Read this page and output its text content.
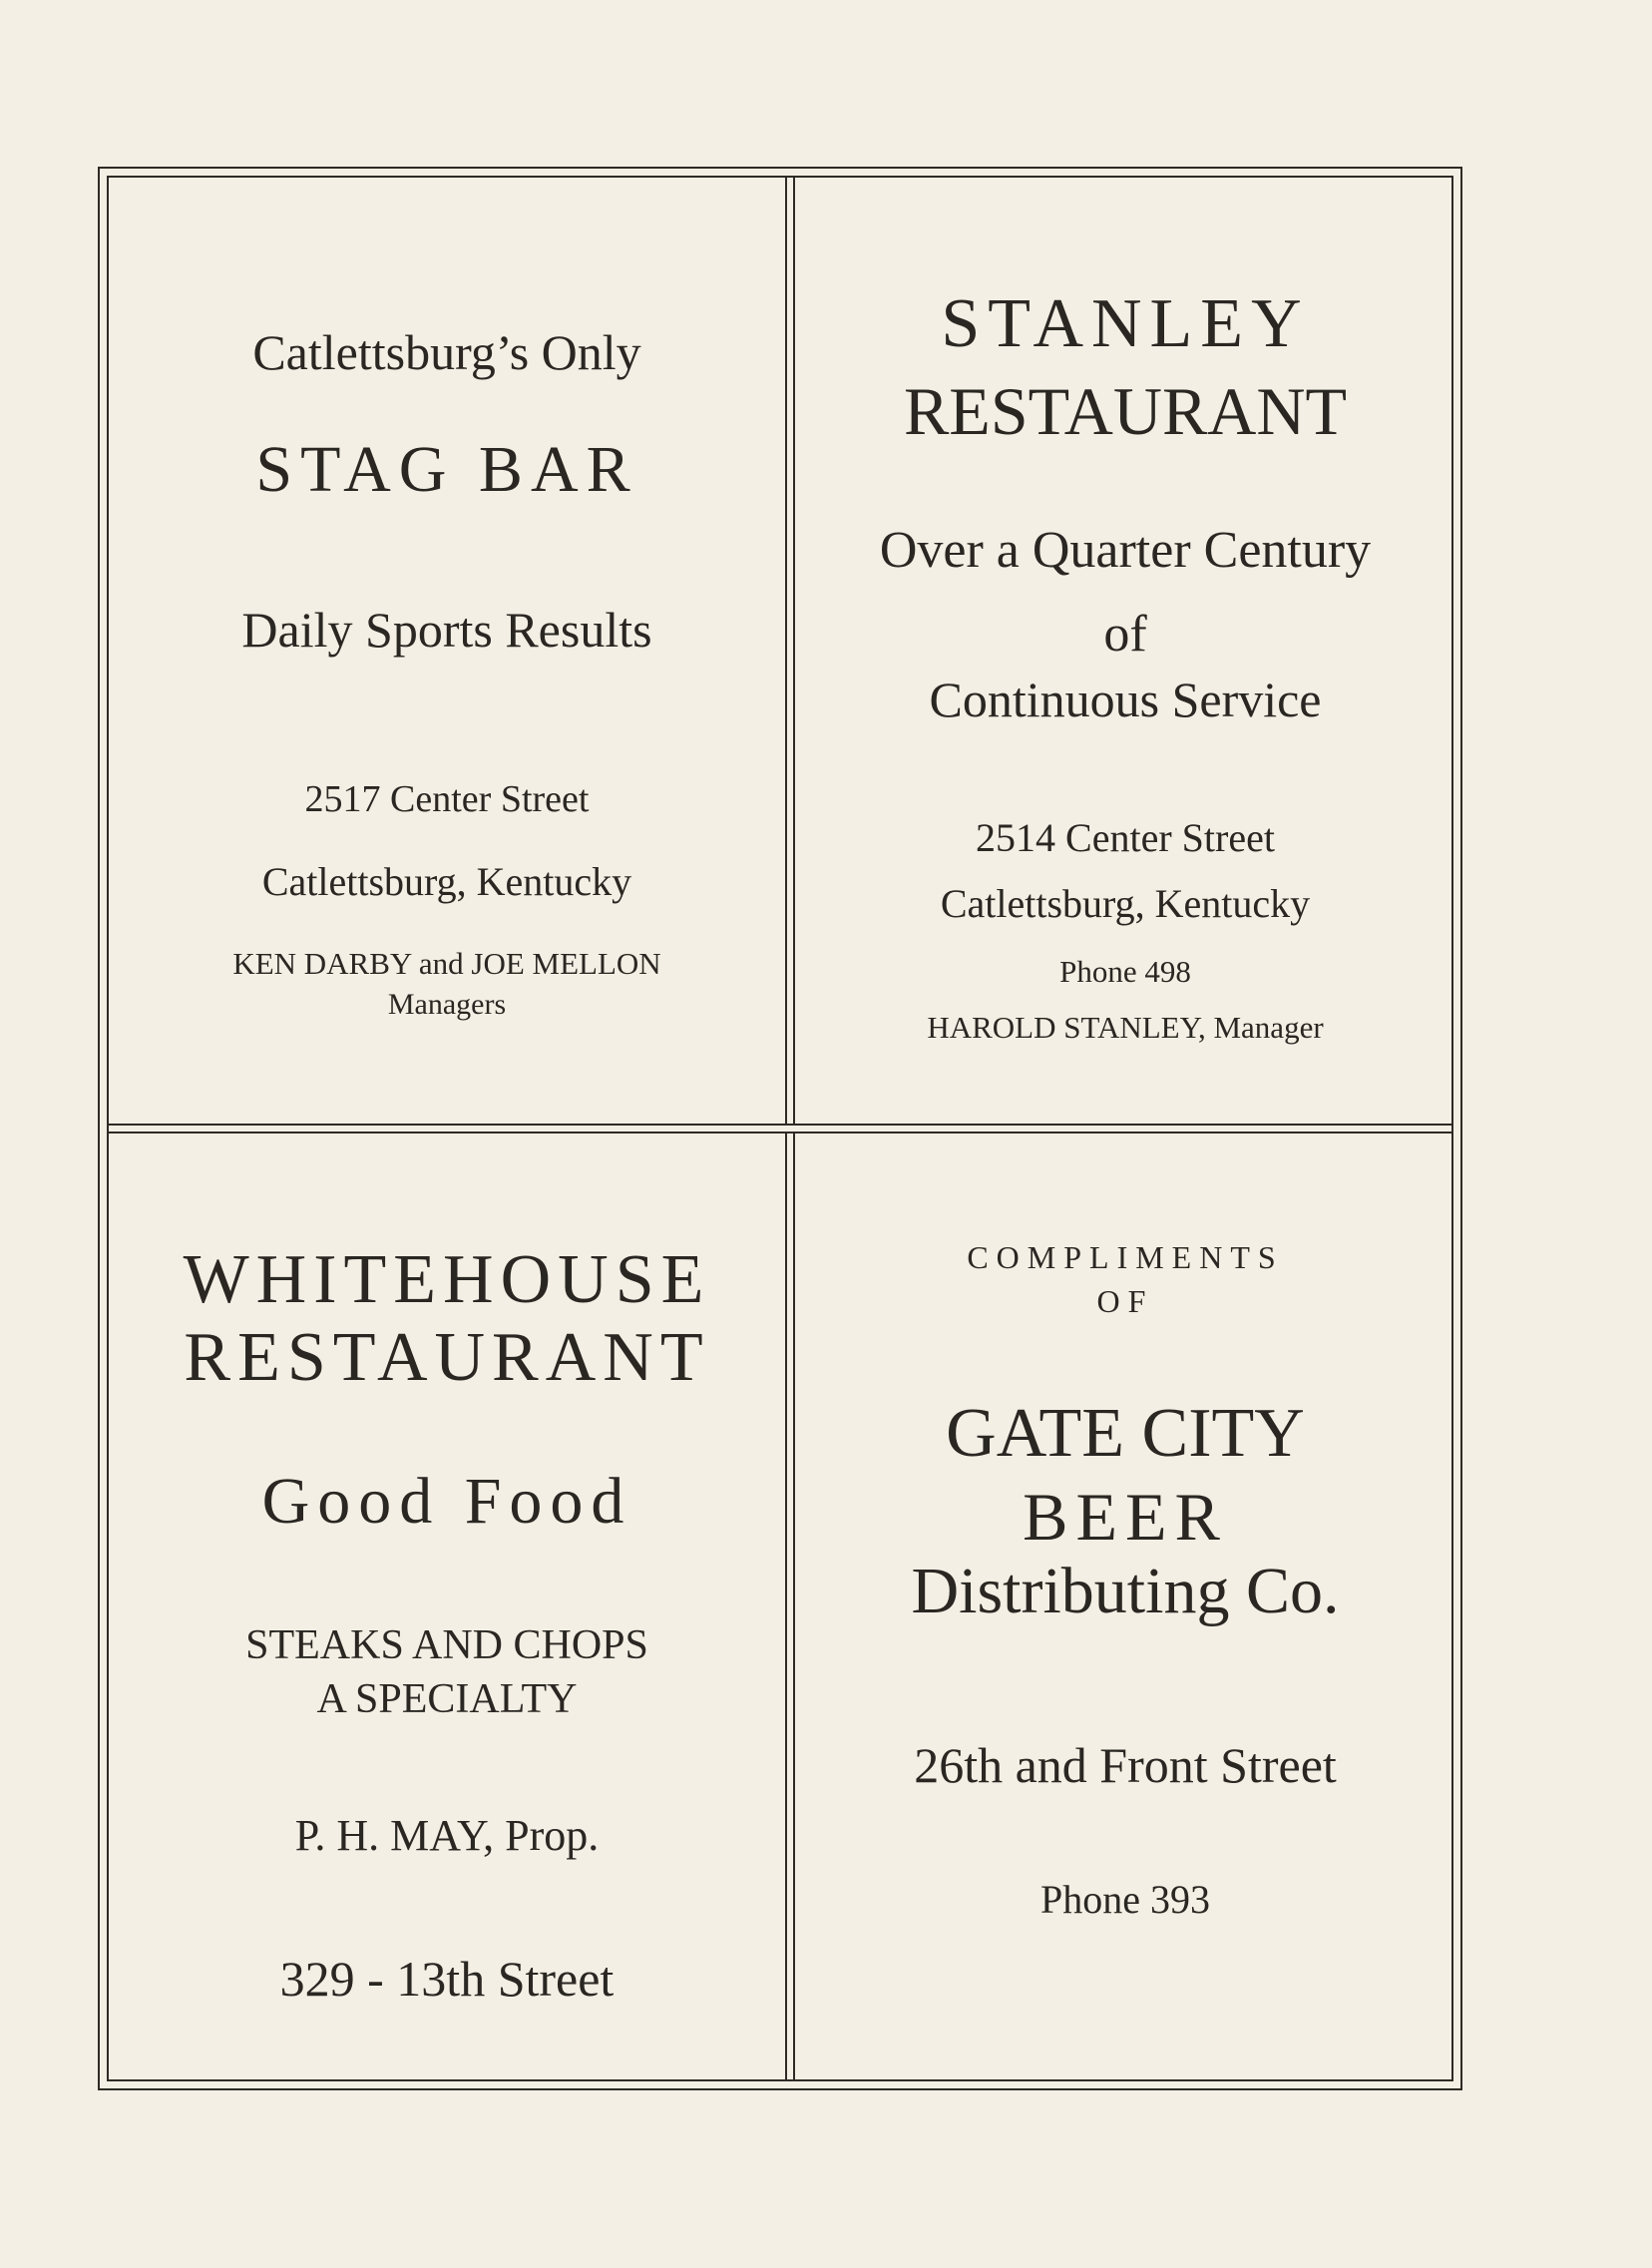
Catlettsburg’s Only
STAG BAR
Daily Sports Results
2517 Center Street
Catlettsburg, Kentucky
KEN DARBY and JOE MELLON
Managers
STANLEY
RESTAURANT
Over a Quarter Century
of
Continuous Service
2514 Center Street
Catlettsburg, Kentucky
Phone 498
HAROLD STANLEY, Manager
WHITEHOUSE
RESTAURANT
Good Food
STEAKS AND CHOPS
A SPECIALTY
P. H. MAY, Prop.
329 - 13th Street
COMPLIMENTS
OF
GATE CITY
BEER
Distributing Co.
26th and Front Street
Phone 393
